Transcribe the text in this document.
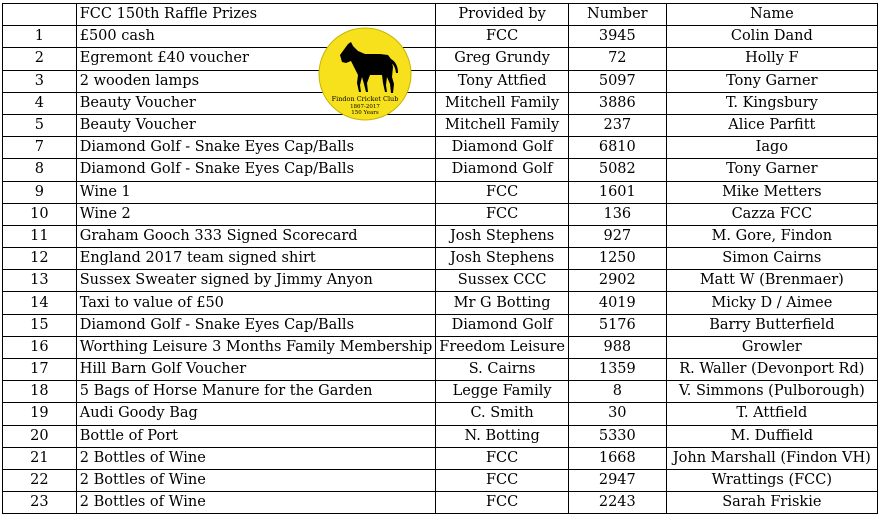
	FCC 150th Raffle Prizes	Provided by	Number	Name
1	£500 cash	FCC	3945	Colin Dand
2	Egremont £40 voucher	Greg Grundy	72	Holly F
3	2 wooden lamps	Tony Attfied	5097	Tony Garner
4	Beauty Voucher	Mitchell Family	3886	T. Kingsbury
5	Beauty Voucher	Mitchell Family	237	Alice Parfitt
7	Diamond Golf - Snake Eyes Cap/Balls	Diamond Golf	6810	Iago
8	Diamond Golf - Snake Eyes Cap/Balls	Diamond Golf	5082	Tony Garner
9	Wine 1	FCC	1601	Mike Metters
10	Wine 2	FCC	136	Cazza FCC
11	Graham Gooch 333 Signed Scorecard	Josh Stephens	927	M. Gore, Findon
12	England 2017 team signed shirt	Josh Stephens	1250	Simon Cairns
13	Sussex Sweater signed by Jimmy Anyon	Sussex CCC	2902	Matt W (Brenmaer)
14	Taxi to value of £50	Mr G Botting	4019	Micky D / Aimee
15	Diamond Golf - Snake Eyes Cap/Balls	Diamond Golf	5176	Barry Butterfield
16	Worthing Leisure 3 Months Family Membership	Freedom Leisure	988	Growler
17	Hill Barn Golf Voucher	S. Cairns	1359	R. Waller (Devonport Rd)
18	5 Bags of Horse Manure for the Garden	Legge Family	8	V. Simmons (Pulborough)
19	Audi Goody Bag	C. Smith	30	T. Attfield
20	Bottle of Port	N. Botting	5330	M. Duffield
21	2 Bottles of Wine	FCC	1668	John Marshall (Findon VH)
22	2 Bottles of Wine	FCC	2947	Wrattings (FCC)
23	2 Bottles of Wine	FCC	2243	Sarah Friskie
Findon Cricket Club
1867-2017
150 Years
